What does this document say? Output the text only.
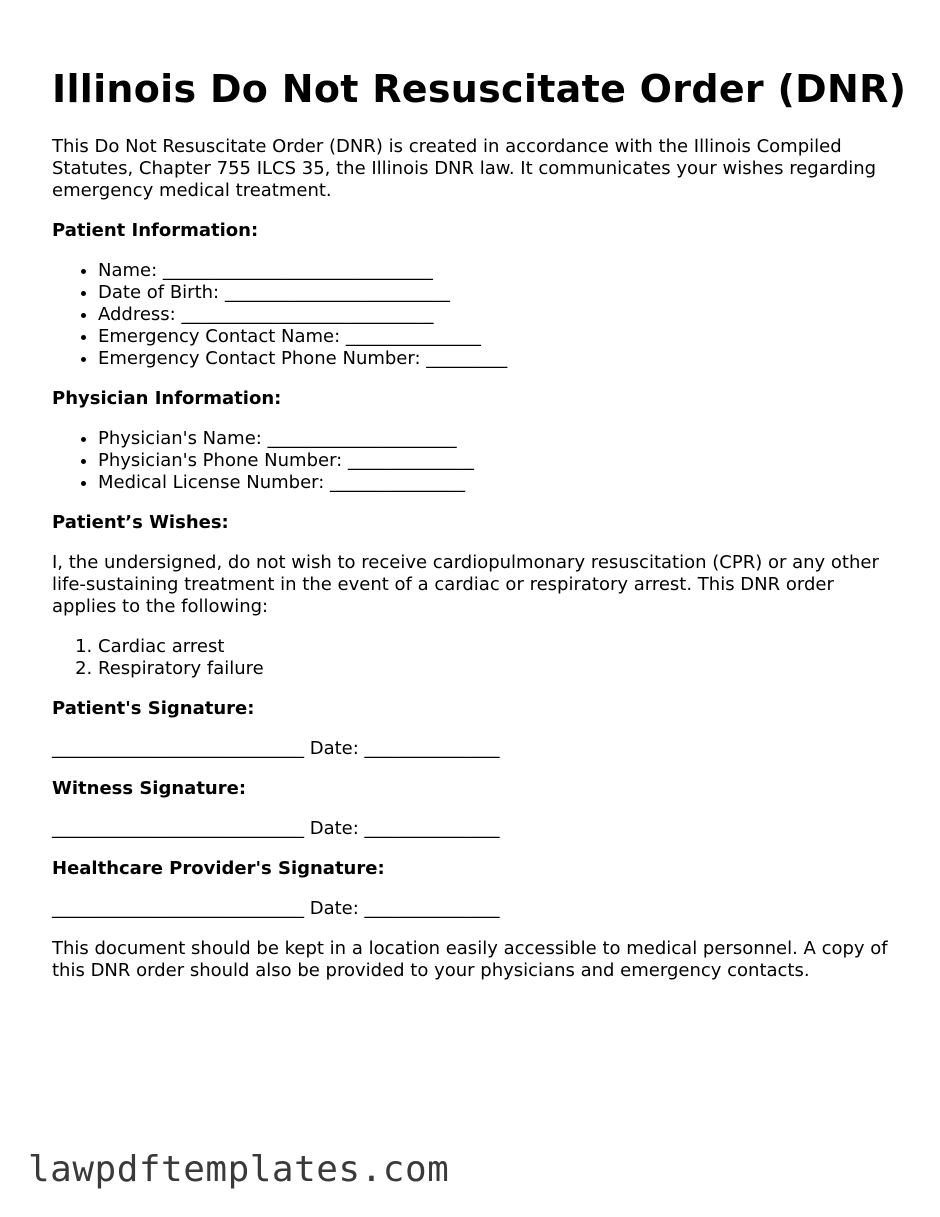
Illinois Do Not Resuscitate Order (DNR)

This Do Not Resuscitate Order (DNR) is created in accordance with the Illinois Compiled Statutes, Chapter 755 ILCS 35, the Illinois DNR law. It communicates your wishes regarding emergency medical treatment.

Patient Information:

• Name: ______________________________
• Date of Birth: _________________________
• Address: ____________________________
• Emergency Contact Name: _______________
• Emergency Contact Phone Number: _________

Physician Information:

• Physician's Name: _____________________
• Physician's Phone Number: ______________
• Medical License Number: _______________

Patient’s Wishes:

I, the undersigned, do not wish to receive cardiopulmonary resuscitation (CPR) or any other life-sustaining treatment in the event of a cardiac or respiratory arrest. This DNR order applies to the following:

1. Cardiac arrest
2. Respiratory failure

Patient's Signature:

____________________________ Date: _______________

Witness Signature:

____________________________ Date: _______________

Healthcare Provider's Signature:

____________________________ Date: _______________

This document should be kept in a location easily accessible to medical personnel. A copy of this DNR order should also be provided to your physicians and emergency contacts.

lawpdftemplates.com
